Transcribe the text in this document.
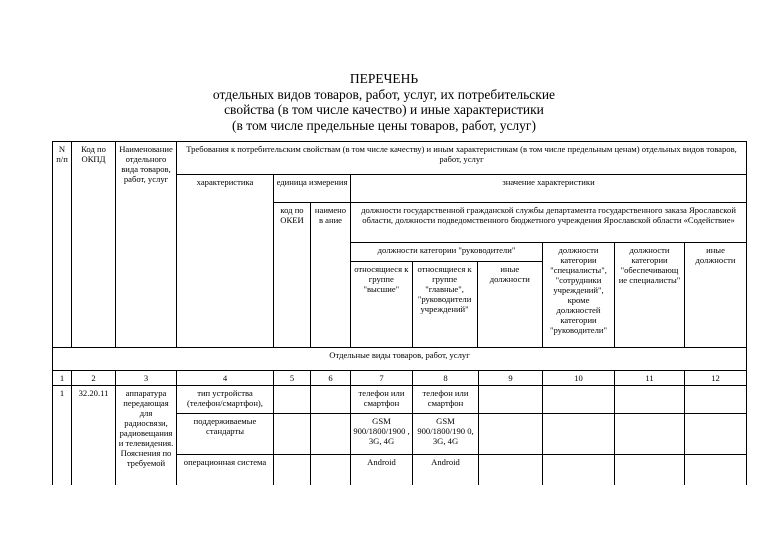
ПЕРЕЧЕНЬ
отдельных видов товаров, работ, услуг, их потребительские
свойства (в том числе качество) и иные характеристики
(в том числе предельные цены товаров, работ, услуг)
N п/п	Код по ОКПД	Наименование отдельного вида товаров, работ, услуг	Требования к потребительским свойствам (в том числе качеству) и иным характеристикам (в том числе предельным ценам) отдельных видов товаров, работ, услуг
характеристика	единица измерения	значение характеристики
код по ОКЕИ	наименов ание	должности государственной гражданской службы департамента государственного заказа Ярославской области, должности подведомственного бюджетного учреждения Ярославской области «Содействие»

должности категории "руководители"
относящиеся к группе "высшие"	относящиеся к группе "главные", "руководители учреждений"	иные должности
	должности категории "специалисты", "сотрудники учреждений", кроме должностей категории "руководители"	должности категории "обеспечивающ ие специалисты"	иные должности
Отдельные виды товаров, работ, услуг
1	2	3	4	5	6	7	8	9	10	11	12
1	32.20.11	аппаратура передающая для радиосвязи, радиовещания и телевидения. Пояснения по требуемой	тип устройства (телефон/смартфон),			телефон или смартфон	телефон или смартфон				
поддерживаемые стандарты			GSM 900/1800/1900 , 3G, 4G	GSM 900/1800/190 0, 3G, 4G				
операционная система			Android	Android				
